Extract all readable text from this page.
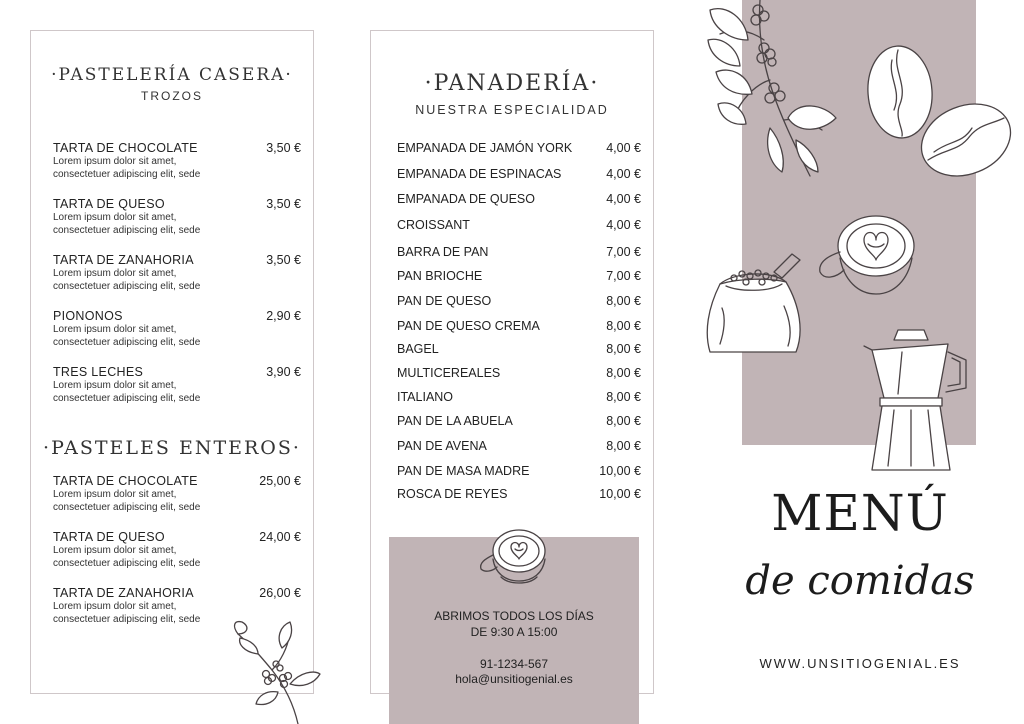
·PASTELERÍA CASERA·
TROZOS
TARTA DE CHOCOLATE	3,50 €
Lorem ipsum dolor sit amet,
consectetuer adipiscing elit, sede
TARTA DE QUESO	3,50 €
Lorem ipsum dolor sit amet,
consectetuer adipiscing elit, sede
TARTA DE ZANAHORIA	3,50 €
Lorem ipsum dolor sit amet,
consectetuer adipiscing elit, sede
PIONONOS	2,90 €
Lorem ipsum dolor sit amet,
consectetuer adipiscing elit, sede
TRES LECHES	3,90 €
Lorem ipsum dolor sit amet,
consectetuer adipiscing elit, sede
·PASTELES ENTEROS·
TARTA DE CHOCOLATE	25,00 €
Lorem ipsum dolor sit amet,
consectetuer adipiscing elit, sede
TARTA DE QUESO	24,00 €
Lorem ipsum dolor sit amet,
consectetuer adipiscing elit, sede
TARTA DE ZANAHORIA	26,00 €
Lorem ipsum dolor sit amet,
consectetuer adipiscing elit, sede
·PANADERÍA·
NUESTRA ESPECIALIDAD
EMPANADA DE JAMÓN YORK	4,00 €
EMPANADA DE ESPINACAS	4,00 €
EMPANADA DE QUESO	4,00 €
CROISSANT	4,00 €
BARRA DE PAN	7,00 €
PAN BRIOCHE	7,00 €
PAN DE QUESO	8,00 €
PAN DE QUESO CREMA	8,00 €
BAGEL	8,00 €
MULTICEREALES	8,00 €
ITALIANO	8,00 €
PAN DE LA ABUELA	8,00 €
PAN DE AVENA	8,00 €
PAN DE MASA MADRE	10,00 €
ROSCA DE REYES	10,00 €
ABRIMOS TODOS LOS DÍAS
DE 9:30 A 15:00
91-1234-567
hola@unsitiogenial.es
MENÚ
de comidas
WWW.UNSITIOGENIAL.ES
